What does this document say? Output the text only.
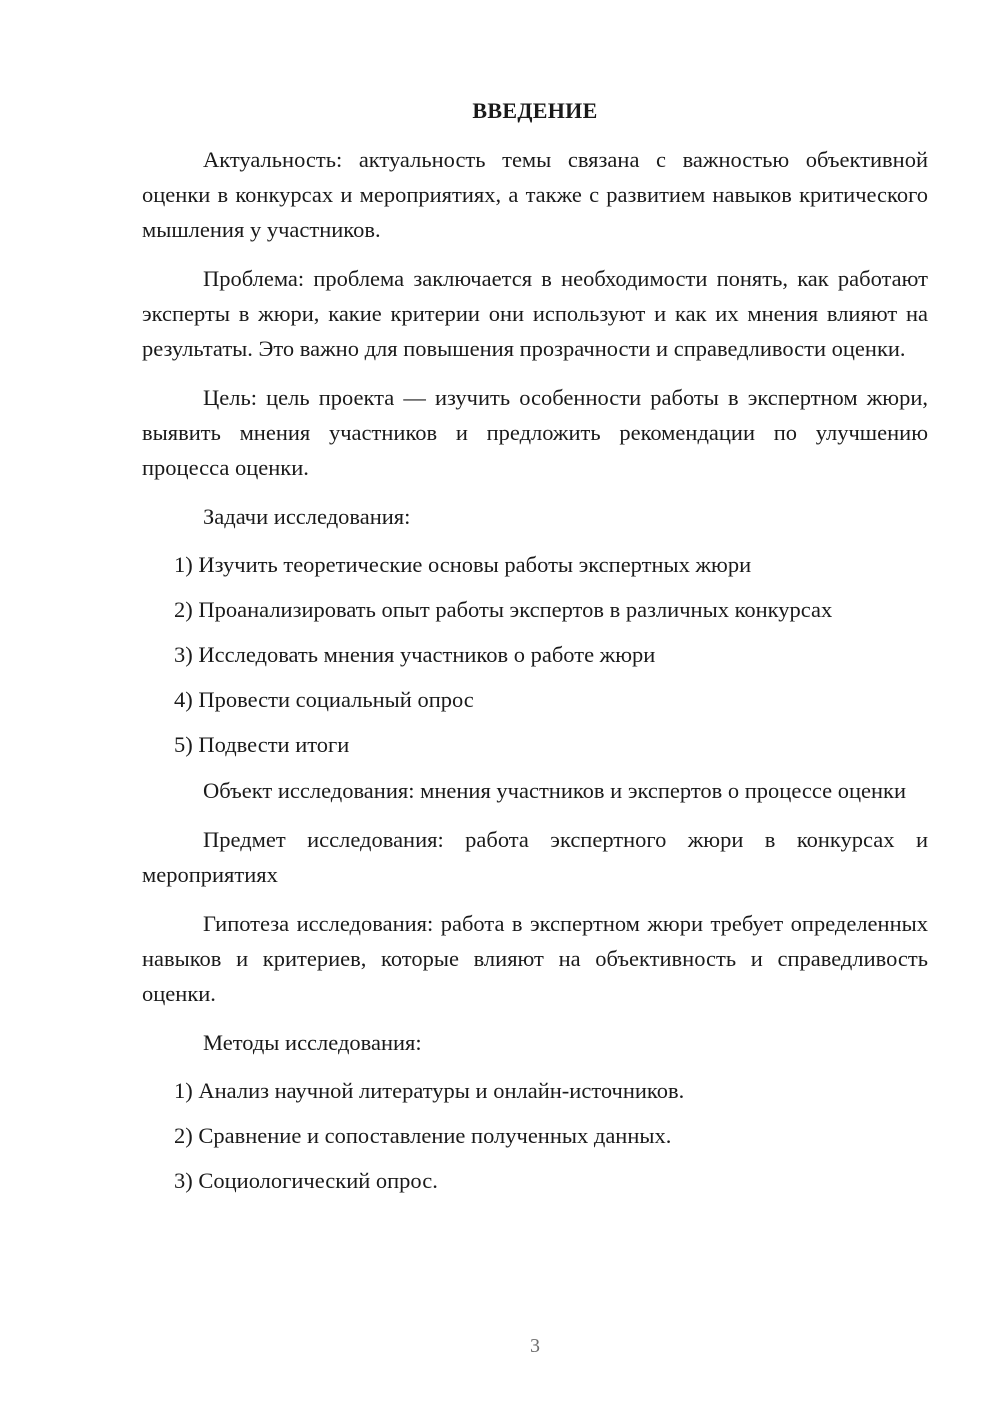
ВВЕДЕНИЕ

Актуальность: актуальность темы связана с важностью объективной оценки в конкурсах и мероприятиях, а также с развитием навыков критического мышления у участников.

Проблема: проблема заключается в необходимости понять, как работают эксперты в жюри, какие критерии они используют и как их мнения влияют на результаты. Это важно для повышения прозрачности и справедливости оценки.

Цель: цель проекта — изучить особенности работы в экспертном жюри, выявить мнения участников и предложить рекомендации по улучшению процесса оценки.

Задачи исследования:

1) Изучить теоретические основы работы экспертных жюри
2) Проанализировать опыт работы экспертов в различных конкурсах
3) Исследовать мнения участников о работе жюри
4) Провести социальный опрос
5) Подвести итоги

Объект исследования: мнения участников и экспертов о процессе оценки

Предмет исследования: работа экспертного жюри в конкурсах и мероприятиях

Гипотеза исследования: работа в экспертном жюри требует определенных навыков и критериев, которые влияют на объективность и справедливость оценки.

Методы исследования:

1) Анализ научной литературы и онлайн-источников.
2) Сравнение и сопоставление полученных данных.
3) Социологический опрос.
3
